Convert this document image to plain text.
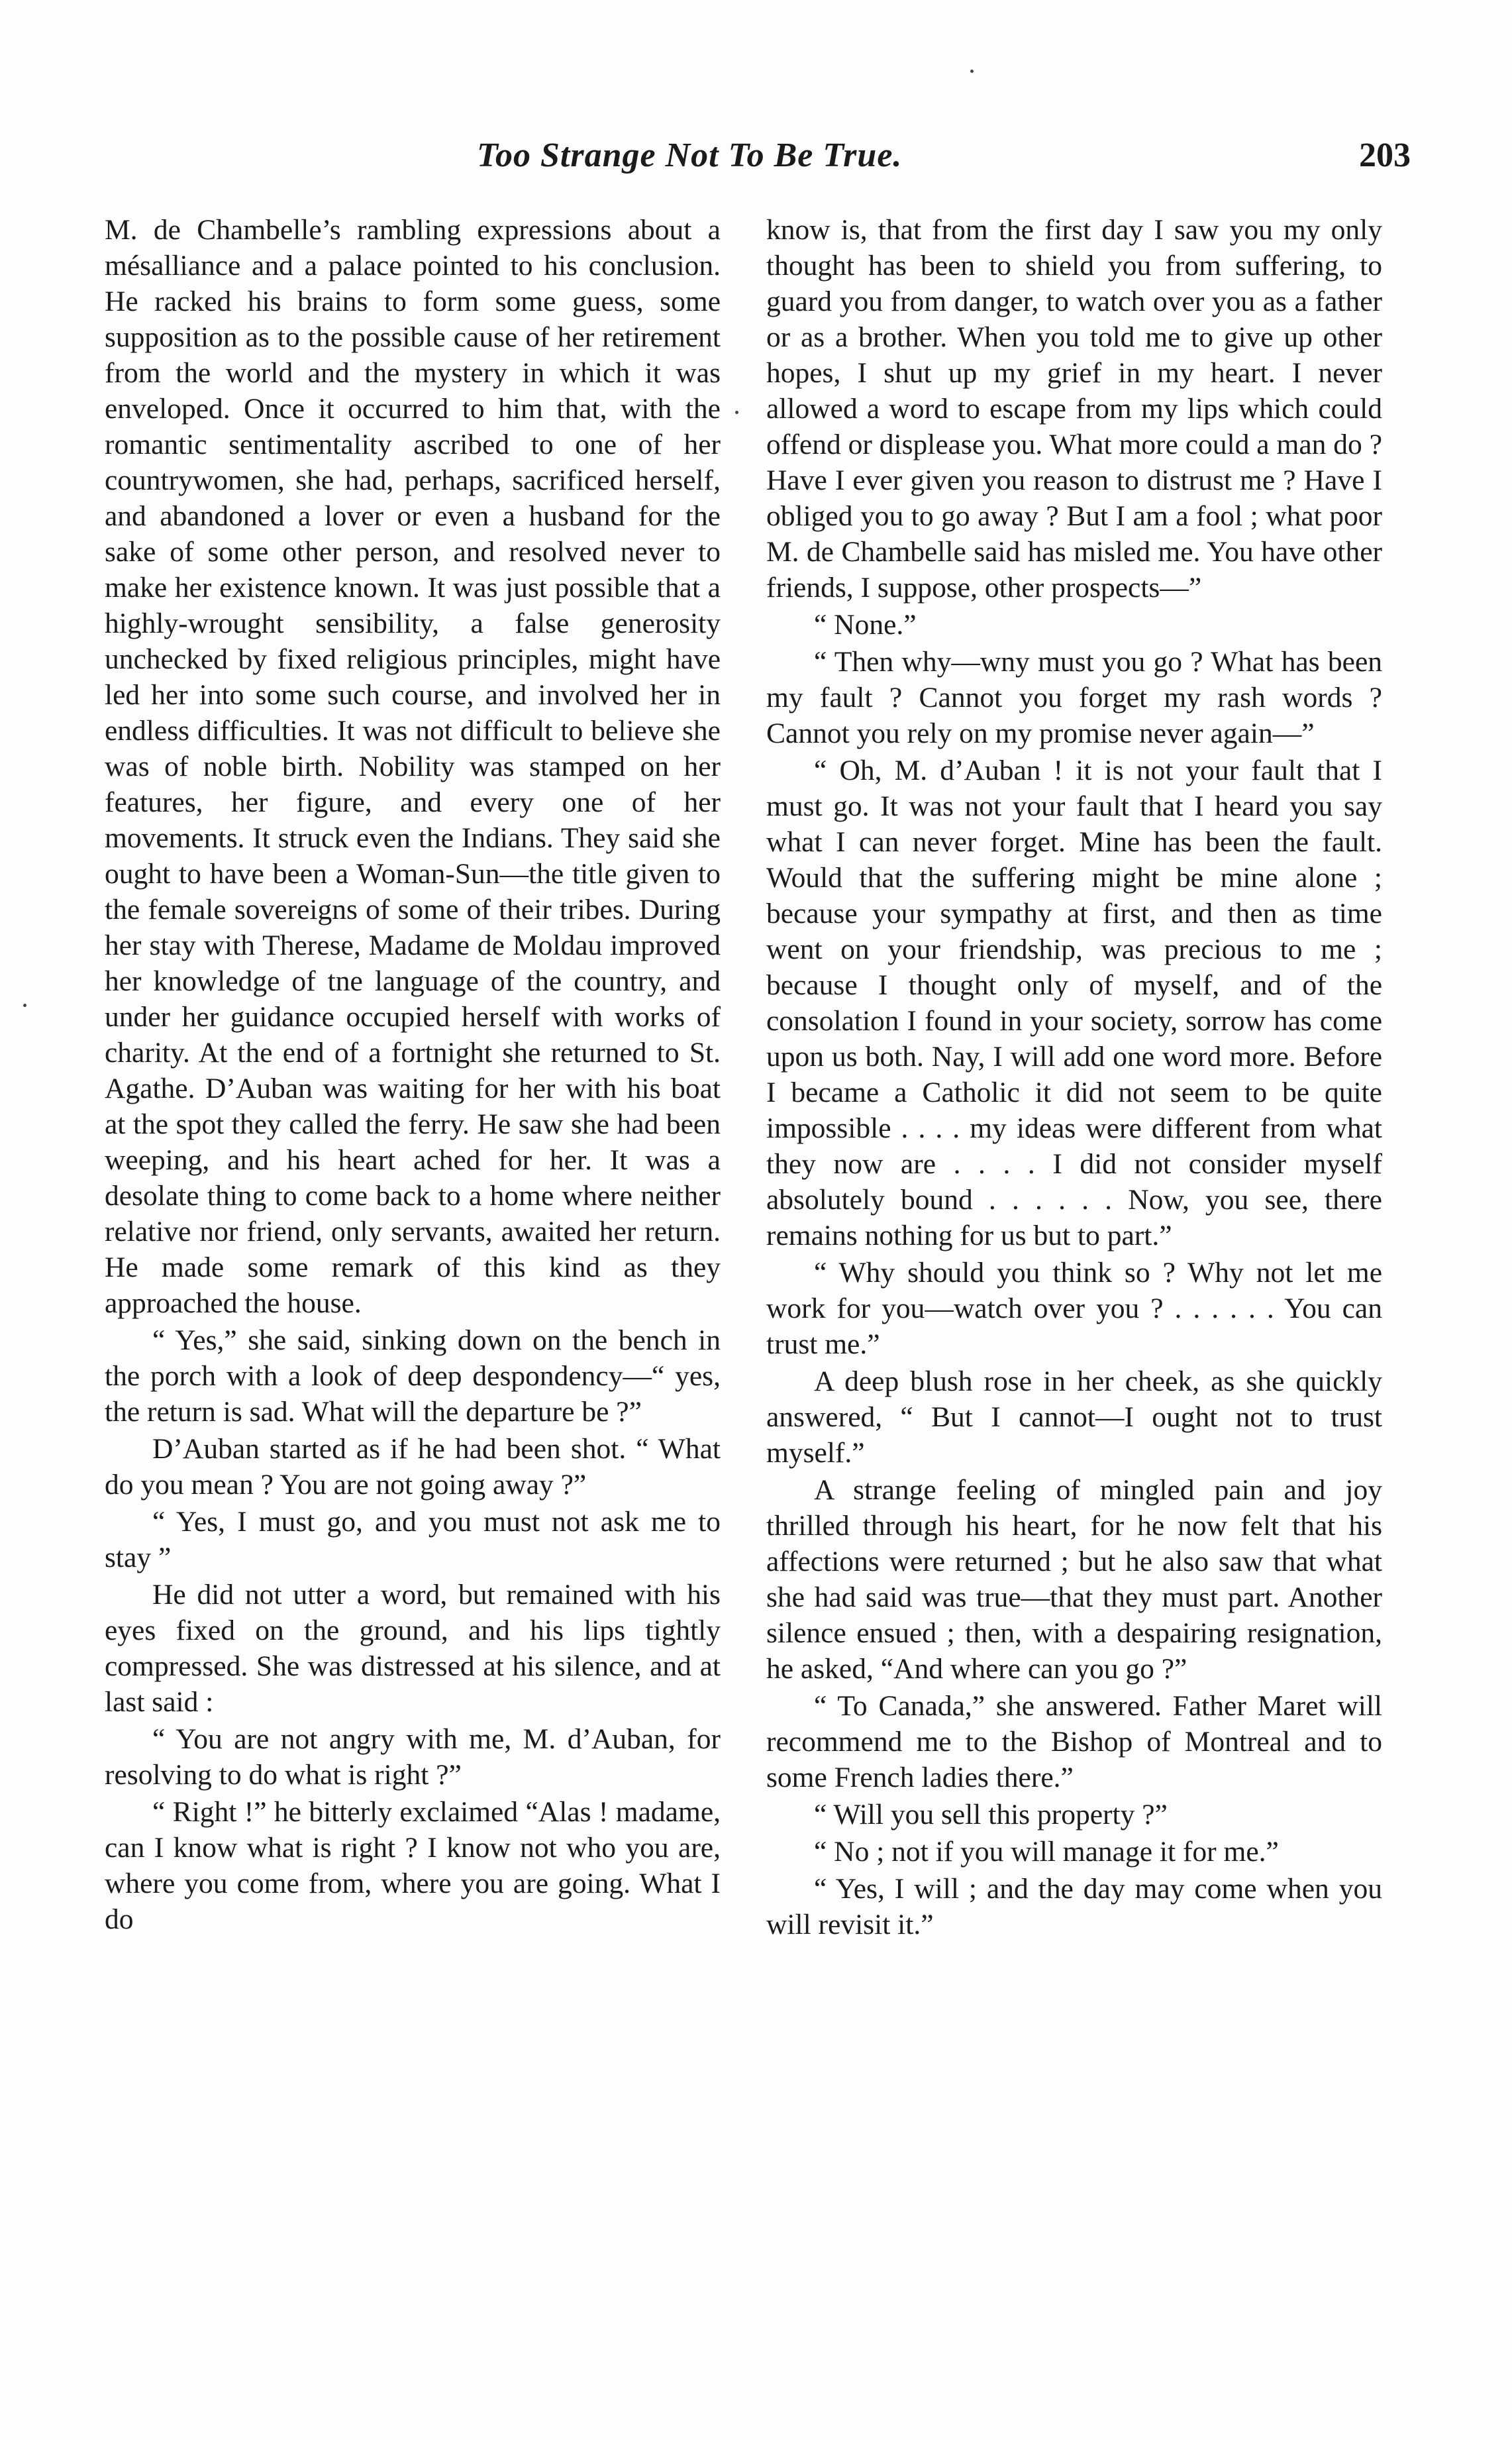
Too Strange Not To Be True.	203

M. de Chambelle’s rambling expressions about a mésalliance and a palace pointed to his conclusion. He racked his brains to form some guess, some supposition as to the possible cause of her retirement from the world and the mystery in which it was enveloped. Once it occurred to him that, with the romantic sentimentality ascribed to one of her countrywomen, she had, perhaps, sacrificed herself, and abandoned a lover or even a husband for the sake of some other person, and resolved never to make her existence known. It was just possible that a highly-wrought sensibility, a false generosity unchecked by fixed religious principles, might have led her into some such course, and involved her in endless difficulties. It was not difficult to believe she was of noble birth. Nobility was stamped on her features, her figure, and every one of her movements. It struck even the Indians. They said she ought to have been a Woman-Sun—the title given to the female sovereigns of some of their tribes. During her stay with Therese, Madame de Moldau improved her knowledge of tne language of the country, and under her guidance occupied herself with works of charity. At the end of a fortnight she returned to St. Agathe. D’Auban was waiting for her with his boat at the spot they called the ferry. He saw she had been weeping, and his heart ached for her. It was a desolate thing to come back to a home where neither relative nor friend, only servants, awaited her return. He made some remark of this kind as they approached the house.

“ Yes,” she said, sinking down on the bench in the porch with a look of deep despondency—“ yes, the return is sad. What will the departure be ?”

D’Auban started as if he had been shot. “ What do you mean ? You are not going away ?”

“ Yes, I must go, and you must not ask me to stay ”

He did not utter a word, but remained with his eyes fixed on the ground, and his lips tightly compressed. She was distressed at his silence, and at last said :

“ You are not angry with me, M. d’Auban, for resolving to do what is right ?”

“ Right !” he bitterly exclaimed “Alas ! madame, can I know what is right ? I know not who you are, where you come from, where you are going. What I do

know is, that from the first day I saw you my only thought has been to shield you from suffering, to guard you from danger, to watch over you as a father or as a brother. When you told me to give up other hopes, I shut up my grief in my heart. I never allowed a word to escape from my lips which could offend or displease you. What more could a man do ? Have I ever given you reason to distrust me ? Have I obliged you to go away ? But I am a fool ; what poor M. de Chambelle said has misled me. You have other friends, I suppose, other prospects—”

“ None.”

“ Then why—wny must you go ? What has been my fault ? Cannot you forget my rash words ? Cannot you rely on my promise never again—”

“ Oh, M. d’Auban ! it is not your fault that I must go. It was not your fault that I heard you say what I can never forget. Mine has been the fault. Would that the suffering might be mine alone ; because your sympathy at first, and then as time went on your friendship, was precious to me ; because I thought only of myself, and of the consolation I found in your society, sorrow has come upon us both. Nay, I will add one word more. Before I became a Catholic it did not seem to be quite impossible . . . . my ideas were different from what they now are . . . . I did not consider myself absolutely bound . . . . . . Now, you see, there remains nothing for us but to part.”

“ Why should you think so ? Why not let me work for you—watch over you ? . . . . . . You can trust me.”

A deep blush rose in her cheek, as she quickly answered, “ But I cannot—I ought not to trust myself.”

A strange feeling of mingled pain and joy thrilled through his heart, for he now felt that his affections were returned ; but he also saw that what she had said was true—that they must part. Another silence ensued ; then, with a despairing resignation, he asked, “And where can you go ?”

“ To Canada,” she answered. Father Maret will recommend me to the Bishop of Montreal and to some French ladies there.”

“ Will you sell this property ?”

“ No ; not if you will manage it for me.”

“ Yes, I will ; and the day may come when you will revisit it.”
